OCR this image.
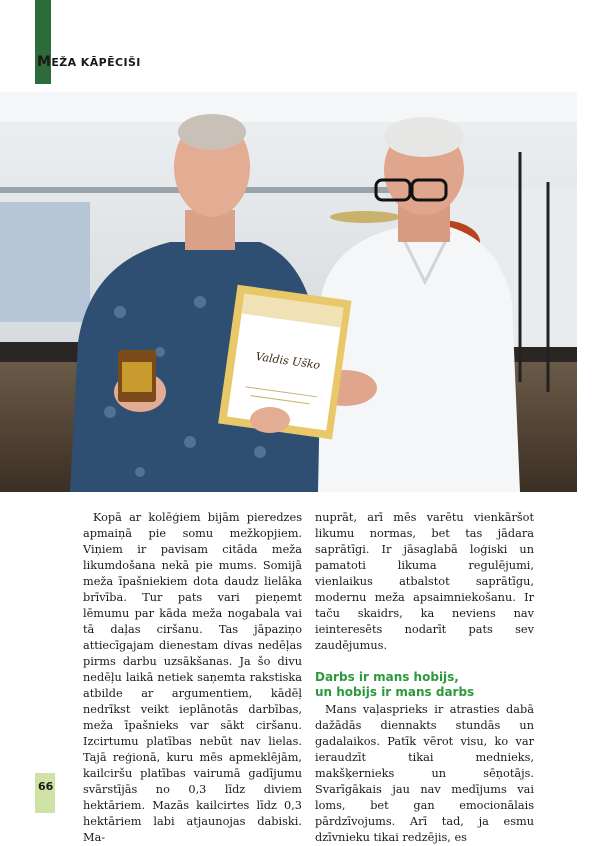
MEŽA KĀPĒCIŠI
Valdis Uško

Kopā ar kolēģiem bijām pieredzes apmaiņā pie somu mežkopjiem. Viņiem ir pavisam citāda meža likumdošana nekā pie mums. Somijā meža īpašniekiem dota daudz lielāka brīvība. Tur pats vari pieņemt lēmumu par kāda meža nogabala vai tā daļas ciršanu. Tas jāpaziņo attiecīgajam dienestam divas nedēļas pirms darbu uzsākšanas. Ja šo divu nedēļu laikā netiek saņemta rakstiska atbilde ar argumentiem, kādēļ nedrīkst veikt ieplānotās darbības, meža īpašnieks var sākt ciršanu. Izcirtumu platības nebūt nav lielas. Tajā reģionā, kuru mēs apmeklējām, kailciršu platības vairumā gadījumu svārstījās no 0,3 līdz diviem hektāriem. Mazās kailcirtes līdz 0,3 hektāriem labi atjaunojas dabiski. Ma-

nuprāt, arī mēs varētu vienkāršot likumu normas, bet tas jādara saprātīgi. Ir jāsaglabā loģiski un pamatoti likuma regulējumi, vienlaikus atbalstot saprātīgu, modernu meža apsaimniekošanu. Ir taču skaidrs, ka neviens nav ieinteresēts nodarīt pats sev zaudējumus.

Darbs ir mans hobijs,
un hobijs ir mans darbs

Mans vaļasprieks ir atrasties dabā dažādās diennakts stundās un gadalaikos. Patīk vērot visu, ko var ieraudzīt tikai mednieks, makšķernieks un sēņotājs. Svarīgākais jau nav medījums vai loms, bet gan emocionālais pārdzīvojums. Arī tad, ja esmu dzīvnieku tikai redzējis, es

66
